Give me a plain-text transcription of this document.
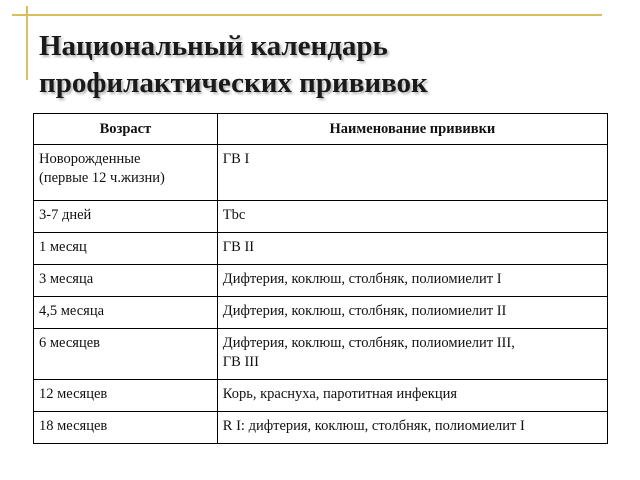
Национальный календарь профилактических прививок
Возраст	Наименование прививки

Новорожденные
(первые 12 ч.жизни)	ГВ I

3-7 дней	Tbc

1 месяц	ГВ II

3 месяца	Дифтерия, коклюш, столбняк, полиомиелит I

4,5 месяца	Дифтерия, коклюш, столбняк, полиомиелит II

6 месяцев	Дифтерия, коклюш, столбняк, полиомиелит III,
ГВ III

12 месяцев	Корь, краснуха, паротитная инфекция

18 месяцев	R I: дифтерия, коклюш, столбняк, полиомиелит I
